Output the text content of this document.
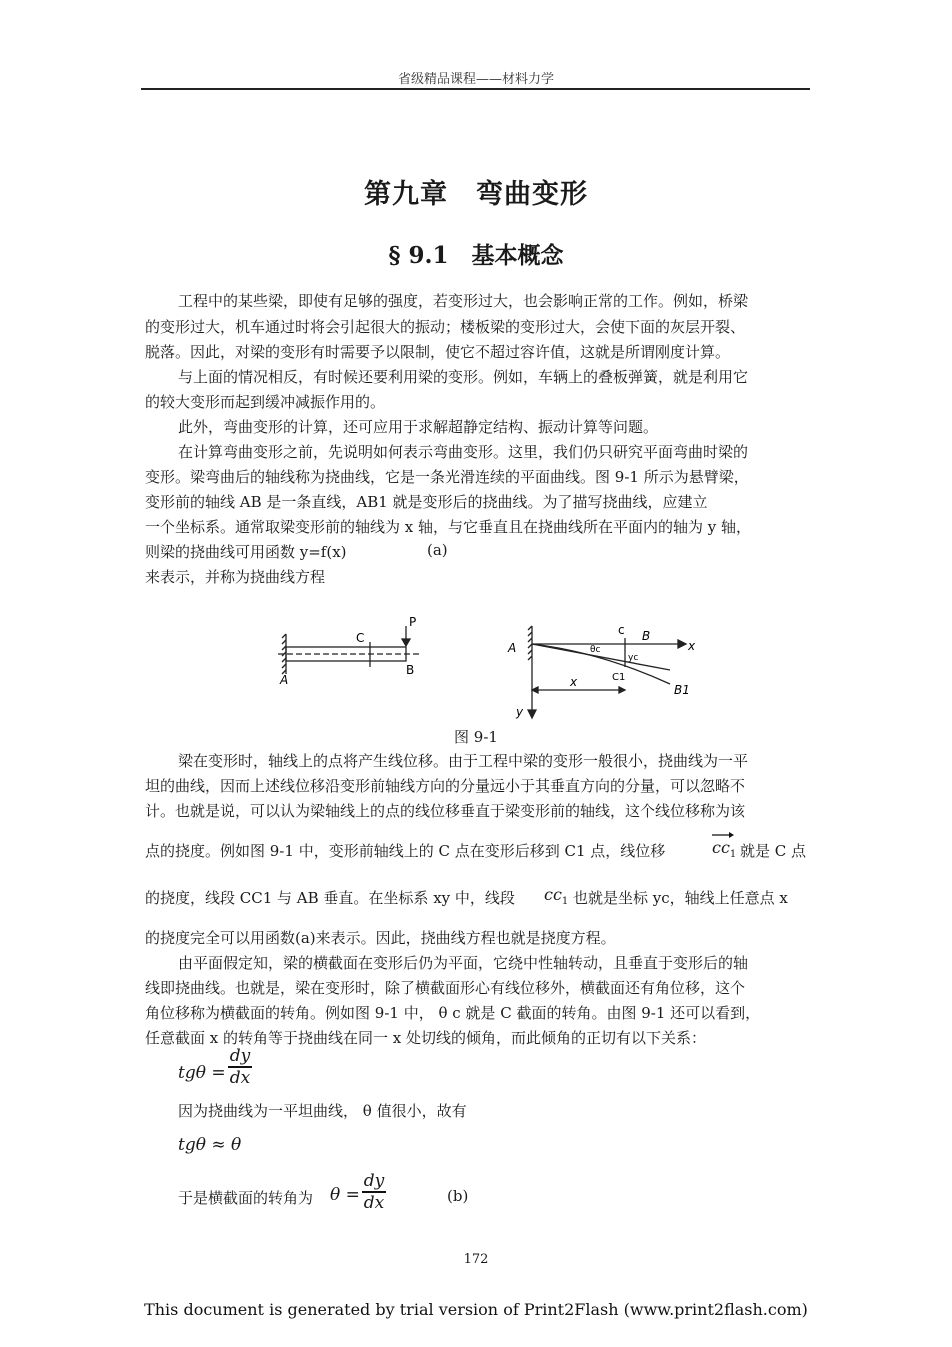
省级精品课程——材料力学
第九章　弯曲变形
§ 9.1　基本概念
工程中的某些梁，即使有足够的强度，若变形过大，也会影响正常的工作。例如，桥梁
的变形过大，机车通过时将会引起很大的振动；楼板梁的变形过大，会使下面的灰层开裂、
脱落。因此，对梁的变形有时需要予以限制，使它不超过容许值，这就是所谓刚度计算。
与上面的情况相反，有时候还要利用梁的变形。例如，车辆上的叠板弹簧，就是利用它
的较大变形而起到缓冲减振作用的。
此外，弯曲变形的计算，还可应用于求解超静定结构、振动计算等问题。
在计算弯曲变形之前，先说明如何表示弯曲变形。这里，我们仍只研究平面弯曲时梁的
变形。梁弯曲后的轴线称为挠曲线，它是一条光滑连续的平面曲线。图 9-1 所示为悬臂梁，
变形前的轴线 AB 是一条直线，AB1 就是变形后的挠曲线。为了描写挠曲线，应建立
一个坐标系。通常取梁变形前的轴线为 x 轴，与它垂直且在挠曲线所在平面内的轴为 y 轴，
则梁的挠曲线可用函数 y=f(x)	(a)
来表示，并称为挠曲线方程
A
C
P
B
A
c B
x
y
B1
x
θc
yc
C1
图 9-1
梁在变形时，轴线上的点将产生线位移。由于工程中梁的变形一般很小，挠曲线为一平
坦的曲线，因而上述线位移沿变形前轴线方向的分量远小于其垂直方向的分量，可以忽略不
计。也就是说，可以认为梁轴线上的点的线位移垂直于梁变形前的轴线，这个线位移称为该
点的挠度。例如图 9-1 中，变形前轴线上的 C 点在变形后移到 C1 点，线位移	$cc_1$ 就是 C 点
的挠度，线段 CC1 与 AB 垂直。在坐标系 xy 中，线段 $cc_1$ 也就是坐标 yc，轴线上任意点 x
的挠度完全可以用函数(a)来表示。因此，挠曲线方程也就是挠度方程。
由平面假定知，梁的横截面在变形后仍为平面，它绕中性轴转动，且垂直于变形后的轴
线即挠曲线。也就是，梁在变形时，除了横截面形心有线位移外，横截面还有角位移，这个
角位移称为横截面的转角。例如图 9-1 中， θ c 就是 C 截面的转角。由图 9-1 还可以看到，
任意截面 x 的转角等于挠曲线在同一 x 处切线的倾角，而此倾角的正切有以下关系：
tgθ =
dy
dx
因为挠曲线为一平坦曲线， θ 值很小，故有
tgθ ≈ θ
于是横截面的转角为 θ =
dy
dx	(b)
172
This document is generated by trial version of Print2Flash (www.print2flash.com)
